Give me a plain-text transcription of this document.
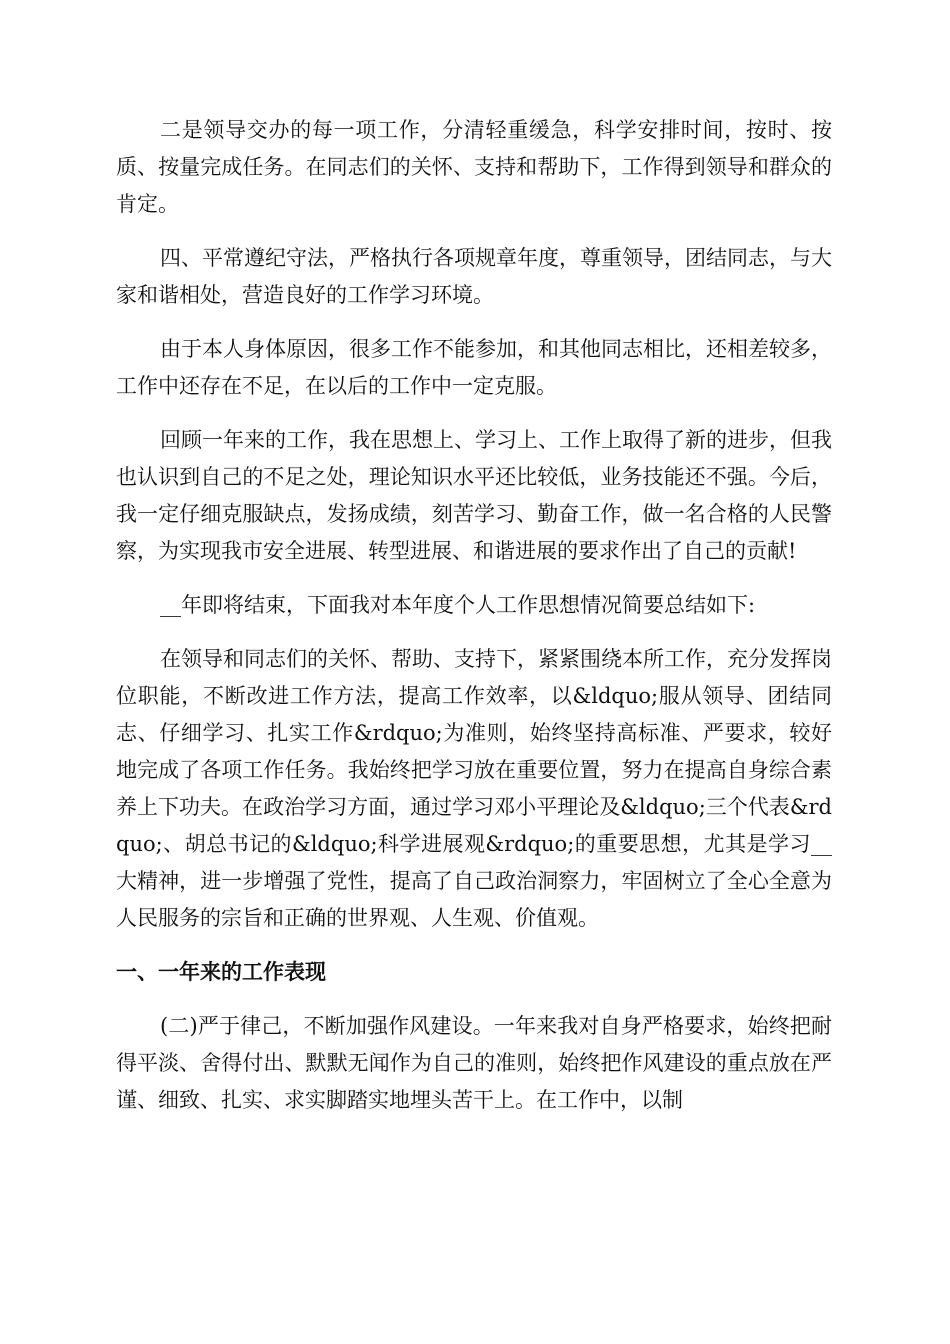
二是领导交办的每一项工作，分清轻重缓急，科学安排时间，按时、按质、按量完成任务。在同志们的关怀、支持和帮助下，工作得到领导和群众的肯定。

四、平常遵纪守法，严格执行各项规章年度，尊重领导，团结同志，与大家和谐相处，营造良好的工作学习环境。

由于本人身体原因，很多工作不能参加，和其他同志相比，还相差较多，工作中还存在不足，在以后的工作中一定克服。

回顾一年来的工作，我在思想上、学习上、工作上取得了新的进步，但我也认识到自己的不足之处，理论知识水平还比较低，业务技能还不强。今后，我一定仔细克服缺点，发扬成绩，刻苦学习、勤奋工作，做一名合格的人民警察，为实现我市安全进展、转型进展、和谐进展的要求作出了自己的贡献!

__年即将结束，下面我对本年度个人工作思想情况简要总结如下:

在领导和同志们的关怀、帮助、支持下，紧紧围绕本所工作，充分发挥岗位职能，不断改进工作方法，提高工作效率，以&ldquo;服从领导、团结同志、仔细学习、扎实工作&rdquo;为准则，始终坚持高标准、严要求，较好地完成了各项工作任务。我始终把学习放在重要位置，努力在提高自身综合素养上下功夫。在政治学习方面，通过学习邓小平理论及&ldquo;三个代表&rdquo;、胡总书记的&ldquo;科学进展观&rdquo;的重要思想，尤其是学习__大精神，进一步增强了党性，提高了自己政治洞察力，牢固树立了全心全意为人民服务的宗旨和正确的世界观、人生观、价值观。

一、一年来的工作表现

(二)严于律己，不断加强作风建设。一年来我对自身严格要求，始终把耐得平淡、舍得付出、默默无闻作为自己的准则，始终把作风建设的重点放在严谨、细致、扎实、求实脚踏实地埋头苦干上。在工作中，以制
